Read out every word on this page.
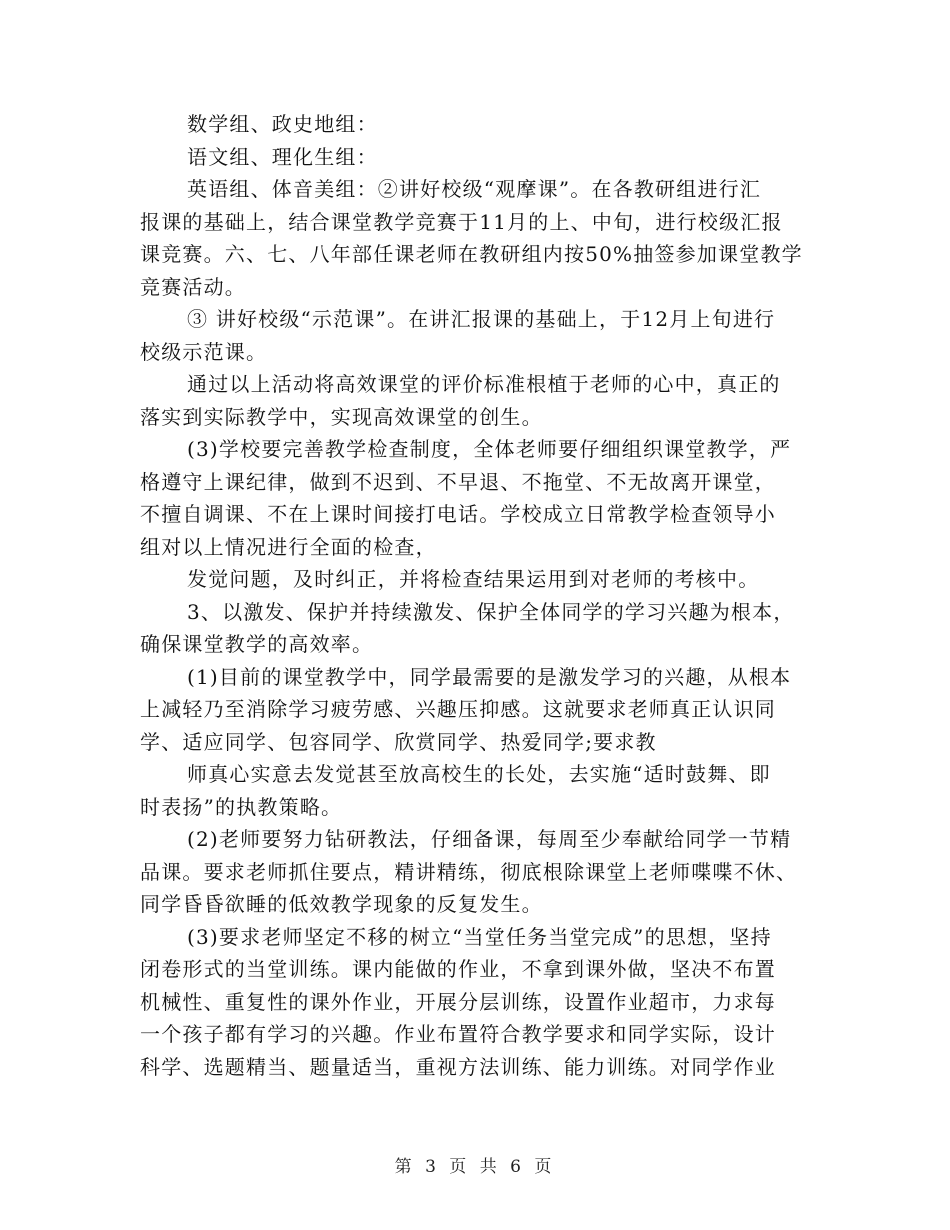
数学组、政史地组：
语文组、理化生组：
英语组、体音美组：②讲好校级“观摩课”。在各教研组进行汇
报课的基础上，结合课堂教学竞赛于11月的上、中旬，进行校级汇报
课竞赛。六、七、八年部任课老师在教研组内按50%抽签参加课堂教学
竞赛活动。
③ 讲好校级“示范课”。在讲汇报课的基础上，于12月上旬进行
校级示范课。
通过以上活动将高效课堂的评价标准根植于老师的心中，真正的
落实到实际教学中，实现高效课堂的创生。
(3)学校要完善教学检查制度，全体老师要仔细组织课堂教学，严
格遵守上课纪律，做到不迟到、不早退、不拖堂、不无故离开课堂，
不擅自调课、不在上课时间接打电话。学校成立日常教学检查领导小
组对以上情况进行全面的检查，
发觉问题，及时纠正，并将检查结果运用到对老师的考核中。
3、以激发、保护并持续激发、保护全体同学的学习兴趣为根本，
确保课堂教学的高效率。
(1)目前的课堂教学中，同学最需要的是激发学习的兴趣，从根本
上减轻乃至消除学习疲劳感、兴趣压抑感。这就要求老师真正认识同
学、适应同学、包容同学、欣赏同学、热爱同学;要求教
师真心实意去发觉甚至放高校生的长处，去实施“适时鼓舞、即
时表扬”的执教策略。
(2)老师要努力钻研教法，仔细备课，每周至少奉献给同学一节精
品课。要求老师抓住要点，精讲精练，彻底根除课堂上老师喋喋不休、
同学昏昏欲睡的低效教学现象的反复发生。
(3)要求老师坚定不移的树立“当堂任务当堂完成”的思想，坚持
闭卷形式的当堂训练。课内能做的作业，不拿到课外做，坚决不布置
机械性、重复性的课外作业，开展分层训练，设置作业超市，力求每
一个孩子都有学习的兴趣。作业布置符合教学要求和同学实际，设计
科学、选题精当、题量适当，重视方法训练、能力训练。对同学作业
第 3 页 共 6 页
